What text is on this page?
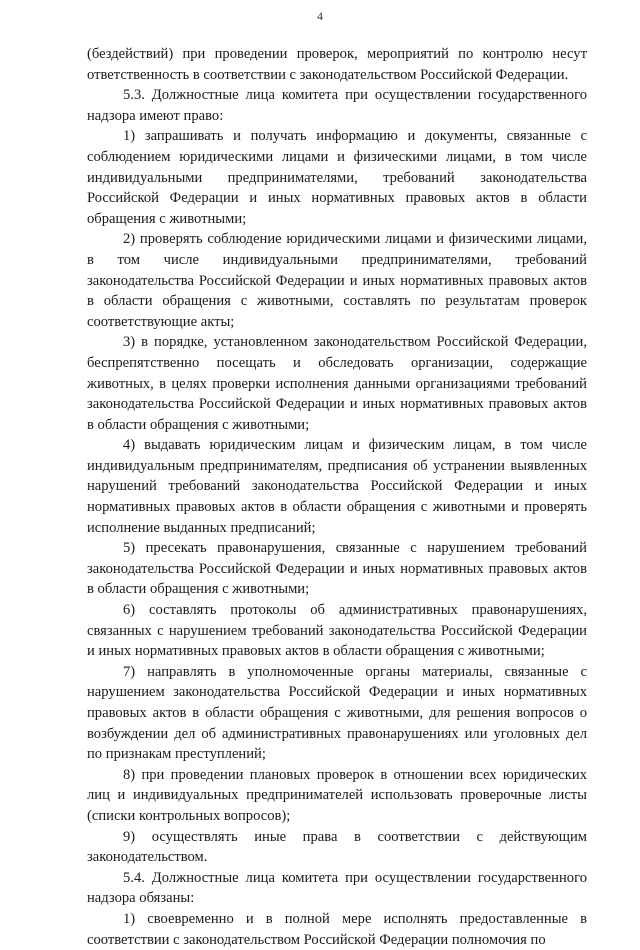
4

(бездействий) при проведении проверок, мероприятий по контролю несут ответственность в соответствии с законодательством Российской Федерации.

5.3. Должностные лица комитета при осуществлении государственного надзора имеют право:

1) запрашивать и получать информацию и документы, связанные с соблюдением юридическими лицами и физическими лицами, в том числе индивидуальными предпринимателями, требований законодательства Российской Федерации и иных нормативных правовых актов в области обращения с животными;

2) проверять соблюдение юридическими лицами и физическими лицами, в том числе индивидуальными предпринимателями, требований законодательства Российской Федерации и иных нормативных правовых актов в области обращения с животными, составлять по результатам проверок соответствующие акты;

3) в порядке, установленном законодательством Российской Федерации, беспрепятственно посещать и обследовать организации, содержащие животных, в целях проверки исполнения данными организациями требований законодательства Российской Федерации и иных нормативных правовых актов в области обращения с животными;

4) выдавать юридическим лицам и физическим лицам, в том числе индивидуальным предпринимателям, предписания об устранении выявленных нарушений требований законодательства Российской Федерации и иных нормативных правовых актов в области обращения с животными и проверять исполнение выданных предписаний;

5) пресекать правонарушения, связанные с нарушением требований законодательства Российской Федерации и иных нормативных правовых актов в области обращения с животными;

6) составлять протоколы об административных правонарушениях, связанных с нарушением требований законодательства Российской Федерации и иных нормативных правовых актов в области обращения с животными;

7) направлять в уполномоченные органы материалы, связанные с нарушением законодательства Российской Федерации и иных нормативных правовых актов в области обращения с животными, для решения вопросов о возбуждении дел об административных правонарушениях или уголовных дел по признакам преступлений;

8) при проведении плановых проверок в отношении всех юридических лиц и индивидуальных предпринимателей использовать проверочные листы (списки контрольных вопросов);

9) осуществлять иные права в соответствии с действующим законодательством.

5.4. Должностные лица комитета при осуществлении государственного надзора обязаны:

1) своевременно и в полной мере исполнять предоставленные в соответствии с законодательством Российской Федерации полномочия по
